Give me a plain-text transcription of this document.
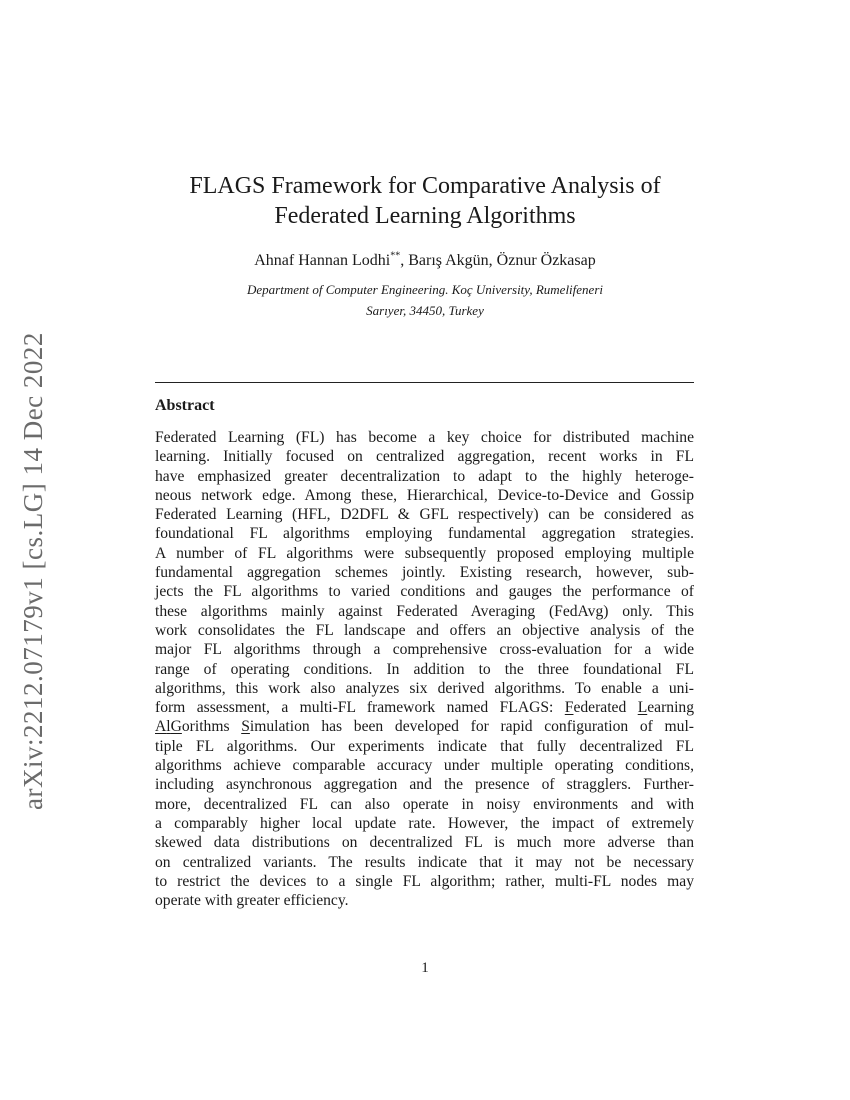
arXiv:2212.07179v1 [cs.LG] 14 Dec 2022
FLAGS Framework for Comparative Analysis of
Federated Learning Algorithms
Ahnaf Hannan Lodhi**, Barış Akgün, Öznur Özkasap
Department of Computer Engineering. Koç University, Rumelifeneri
Sarıyer, 34450, Turkey
Abstract
Federated Learning (FL) has become a key choice for distributed machine
learning. Initially focused on centralized aggregation, recent works in FL
have emphasized greater decentralization to adapt to the highly heteroge-
neous network edge. Among these, Hierarchical, Device-to-Device and Gossip
Federated Learning (HFL, D2DFL & GFL respectively) can be considered as
foundational FL algorithms employing fundamental aggregation strategies.
A number of FL algorithms were subsequently proposed employing multiple
fundamental aggregation schemes jointly. Existing research, however, sub-
jects the FL algorithms to varied conditions and gauges the performance of
these algorithms mainly against Federated Averaging (FedAvg) only. This
work consolidates the FL landscape and offers an objective analysis of the
major FL algorithms through a comprehensive cross-evaluation for a wide
range of operating conditions. In addition to the three foundational FL
algorithms, this work also analyzes six derived algorithms. To enable a uni-
form assessment, a multi-FL framework named FLAGS: Federated Learning
AlGorithms Simulation has been developed for rapid configuration of mul-
tiple FL algorithms. Our experiments indicate that fully decentralized FL
algorithms achieve comparable accuracy under multiple operating conditions,
including asynchronous aggregation and the presence of stragglers. Further-
more, decentralized FL can also operate in noisy environments and with
a comparably higher local update rate. However, the impact of extremely
skewed data distributions on decentralized FL is much more adverse than
on centralized variants. The results indicate that it may not be necessary
to restrict the devices to a single FL algorithm; rather, multi-FL nodes may
operate with greater efficiency.
1
